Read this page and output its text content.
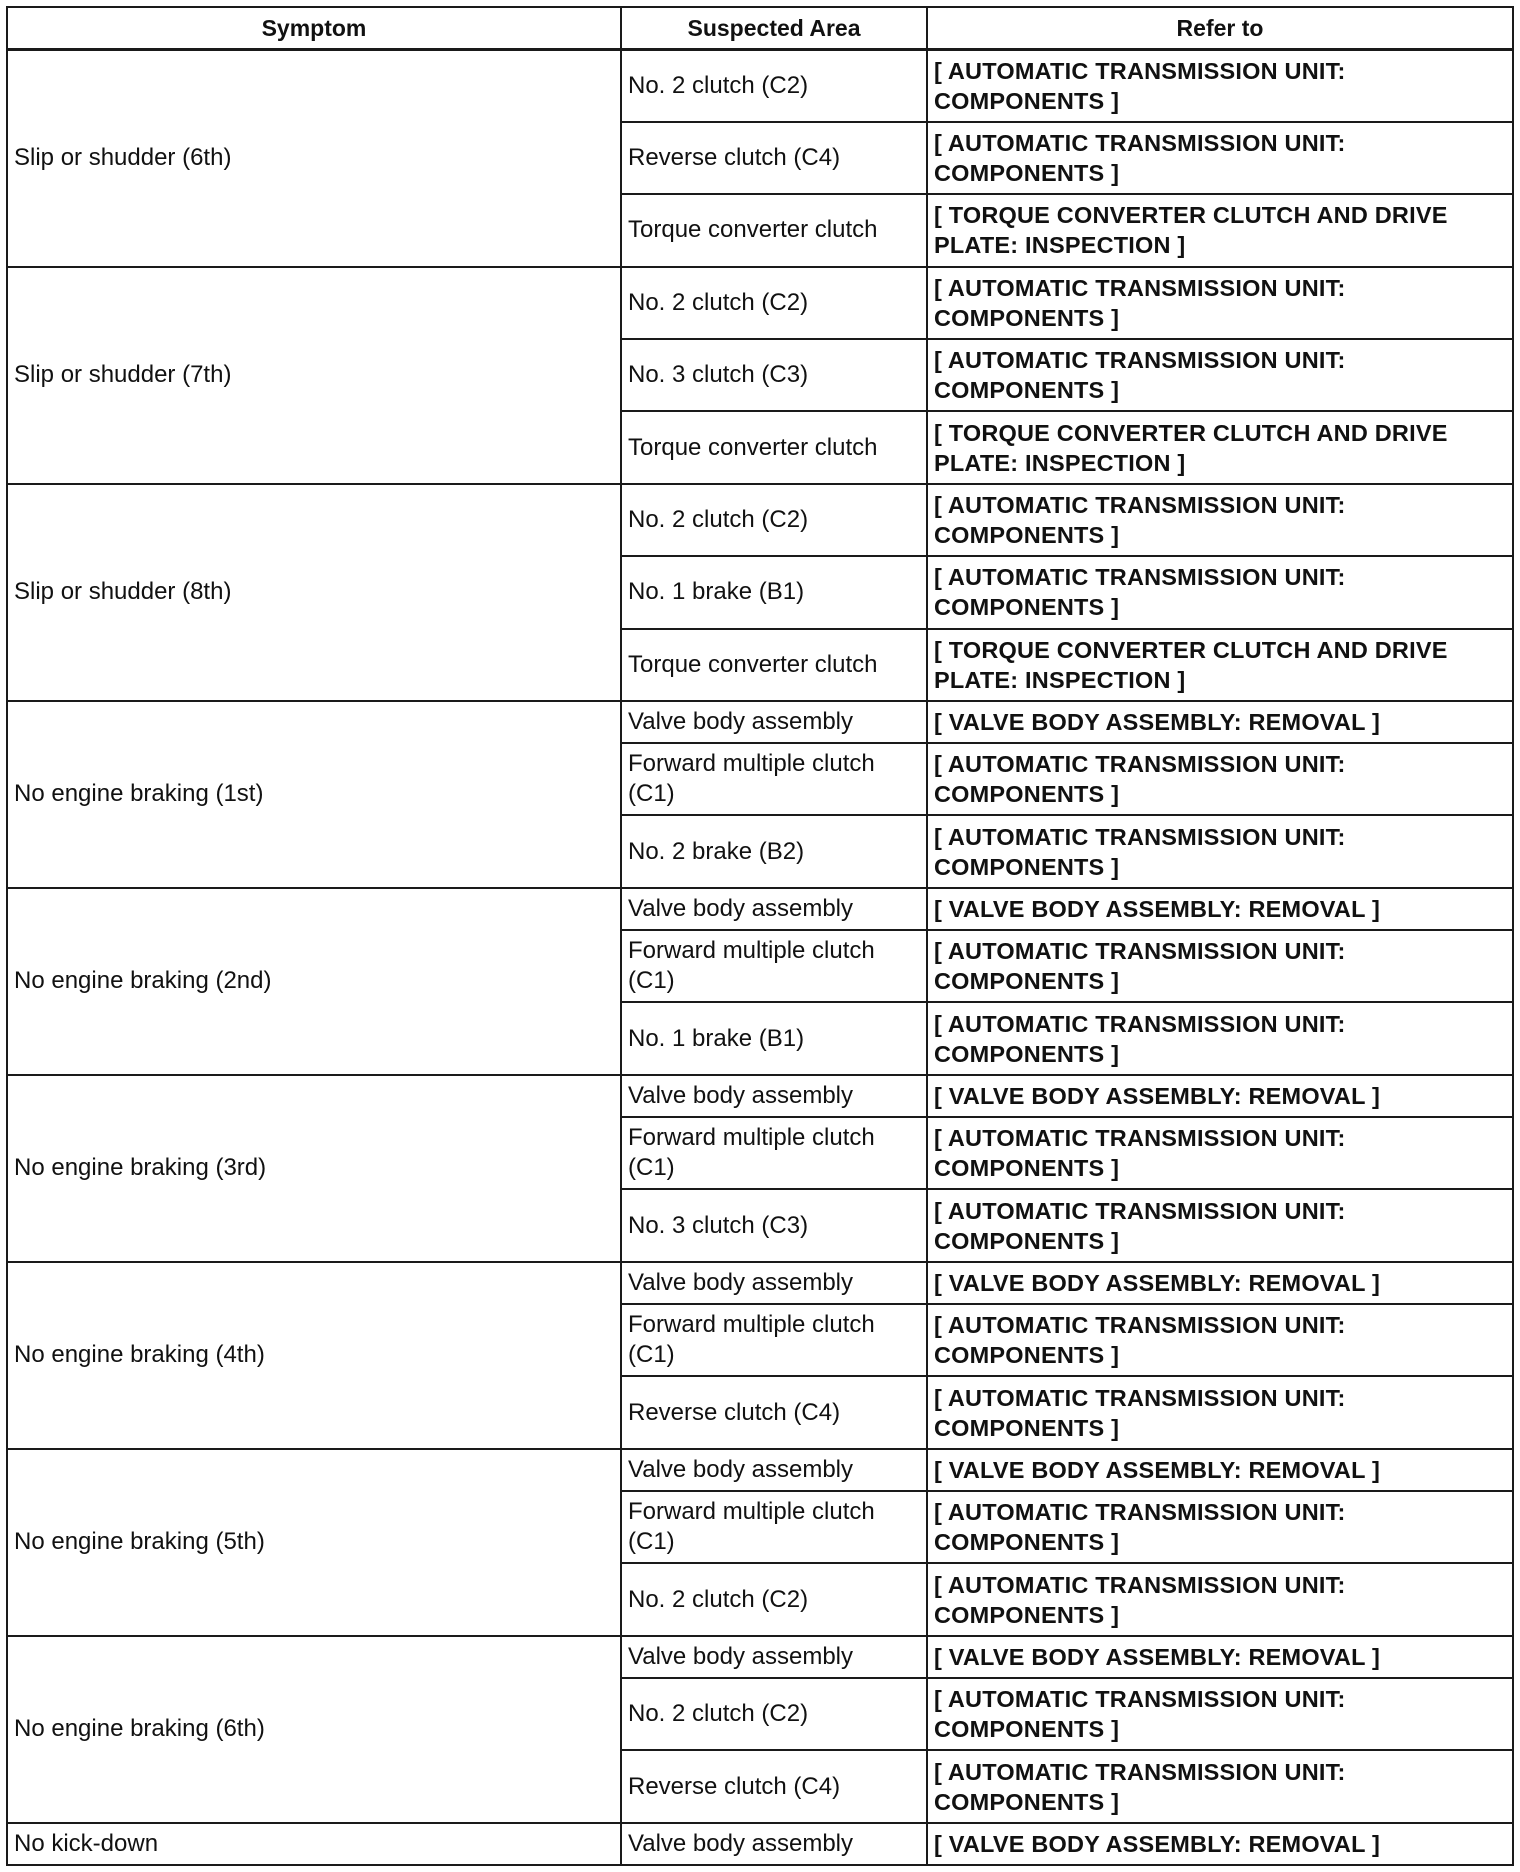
Symptom	Suspected Area	Refer to
Slip or shudder (6th)	No. 2 clutch (C2)	[ AUTOMATIC TRANSMISSION UNIT: COMPONENTS ]
	Reverse clutch (C4)	[ AUTOMATIC TRANSMISSION UNIT: COMPONENTS ]
	Torque converter clutch	[ TORQUE CONVERTER CLUTCH AND DRIVE PLATE: INSPECTION ]
Slip or shudder (7th)	No. 2 clutch (C2)	[ AUTOMATIC TRANSMISSION UNIT: COMPONENTS ]
	No. 3 clutch (C3)	[ AUTOMATIC TRANSMISSION UNIT: COMPONENTS ]
	Torque converter clutch	[ TORQUE CONVERTER CLUTCH AND DRIVE PLATE: INSPECTION ]
Slip or shudder (8th)	No. 2 clutch (C2)	[ AUTOMATIC TRANSMISSION UNIT: COMPONENTS ]
	No. 1 brake (B1)	[ AUTOMATIC TRANSMISSION UNIT: COMPONENTS ]
	Torque converter clutch	[ TORQUE CONVERTER CLUTCH AND DRIVE PLATE: INSPECTION ]
No engine braking (1st)	Valve body assembly	[ VALVE BODY ASSEMBLY: REMOVAL ]
	Forward multiple clutch (C1)	[ AUTOMATIC TRANSMISSION UNIT: COMPONENTS ]
	No. 2 brake (B2)	[ AUTOMATIC TRANSMISSION UNIT: COMPONENTS ]
No engine braking (2nd)	Valve body assembly	[ VALVE BODY ASSEMBLY: REMOVAL ]
	Forward multiple clutch (C1)	[ AUTOMATIC TRANSMISSION UNIT: COMPONENTS ]
	No. 1 brake (B1)	[ AUTOMATIC TRANSMISSION UNIT: COMPONENTS ]
No engine braking (3rd)	Valve body assembly	[ VALVE BODY ASSEMBLY: REMOVAL ]
	Forward multiple clutch (C1)	[ AUTOMATIC TRANSMISSION UNIT: COMPONENTS ]
	No. 3 clutch (C3)	[ AUTOMATIC TRANSMISSION UNIT: COMPONENTS ]
No engine braking (4th)	Valve body assembly	[ VALVE BODY ASSEMBLY: REMOVAL ]
	Forward multiple clutch (C1)	[ AUTOMATIC TRANSMISSION UNIT: COMPONENTS ]
	Reverse clutch (C4)	[ AUTOMATIC TRANSMISSION UNIT: COMPONENTS ]
No engine braking (5th)	Valve body assembly	[ VALVE BODY ASSEMBLY: REMOVAL ]
	Forward multiple clutch (C1)	[ AUTOMATIC TRANSMISSION UNIT: COMPONENTS ]
	No. 2 clutch (C2)	[ AUTOMATIC TRANSMISSION UNIT: COMPONENTS ]
No engine braking (6th)	Valve body assembly	[ VALVE BODY ASSEMBLY: REMOVAL ]
	No. 2 clutch (C2)	[ AUTOMATIC TRANSMISSION UNIT: COMPONENTS ]
	Reverse clutch (C4)	[ AUTOMATIC TRANSMISSION UNIT: COMPONENTS ]
No kick-down	Valve body assembly	[ VALVE BODY ASSEMBLY: REMOVAL ]
